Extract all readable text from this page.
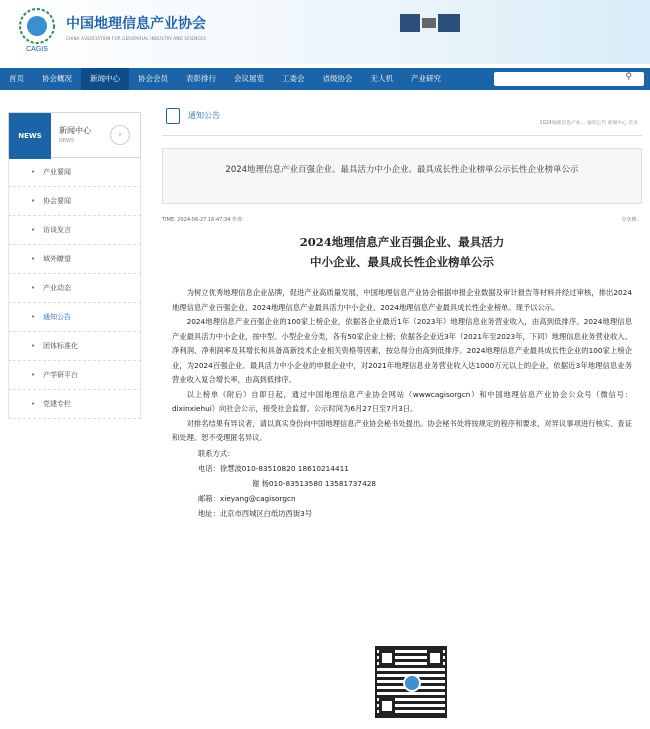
CAGIS
中国地理信息产业协会
CHINA ASSOCIATION FOR GEOSPATIAL INDUSTRY AND SCIENCES
首页	协会概况	新闻中心	协会会员	表彰排行	会议展览	工委会	省级协会	无人机	产业研究	⚲
NEWS
新闻中心
NEWS
›
• 产业要闻
• 协会要闻
• 访谈发言
• 域外瞭望
• 产业动态
• 通知公告
• 团体标准化
• 产学研平台
• 党建专栏
通知公告
2024地理信息产业… 通知公告 新闻中心 首页
2024地理信息产业百强企业、最具活力中小企业、最具成长性企业榜单公示长性企业榜单公示
TIME: 2024-06-27 16:47:34 作者:	分享到:
2024地理信息产业百强企业、最具活力
中小企业、最具成长性企业榜单公示

为树立优秀地理信息企业品牌，促进产业高质量发展，中国地理信息产业协会根据申报企业数据及审计报告等材料并经过审核，排出2024地理信息产业百强企业、2024地理信息产业最具活力中小企业、2024地理信息产业最具成长性企业榜单。现予以公示。

2024地理信息产业百强企业的100家上榜企业，依据各企业最近1年（2023年）地理信息业务营业收入，由高到低排序。2024地理信息产业最具活力中小企业，按中型、小型企业分类，各有50家企业上榜；依据各企业近3年（2021年至2023年，下同）地理信息业务营业收入、净利润、净利润率及其增长和具备高新技术企业相关资格等因素，按总得分由高到低排序。2024地理信息产业最具成长性企业的100家上榜企业，为2024百强企业、最具活力中小企业的申报企业中，对2021年地理信息业务营业收入达1000万元以上的企业，依据近3年地理信息业务营业收入复合增长率，由高到低排序。

以上榜单（附后）自即日起，通过中国地理信息产业协会网站（wwwcagisorgcn）和中国地理信息产业协会公众号（微信号：dixinxiehui）向社会公示，接受社会监督。公示时间为6月27日至7月3日。

对排名结果有异议者，请以真实身份向中国地理信息产业协会秘书处提出。协会秘书处将按规定的程序和要求，对异议事项进行核实、查证和处理。恕不受理匿名异议。

联系方式：
电话：徐慧波010-83510820 18610214411
谢 杨010-83513580 13581737428
邮箱：xieyang@cagisorgcn
地址：北京市西城区白纸坊西街3号
